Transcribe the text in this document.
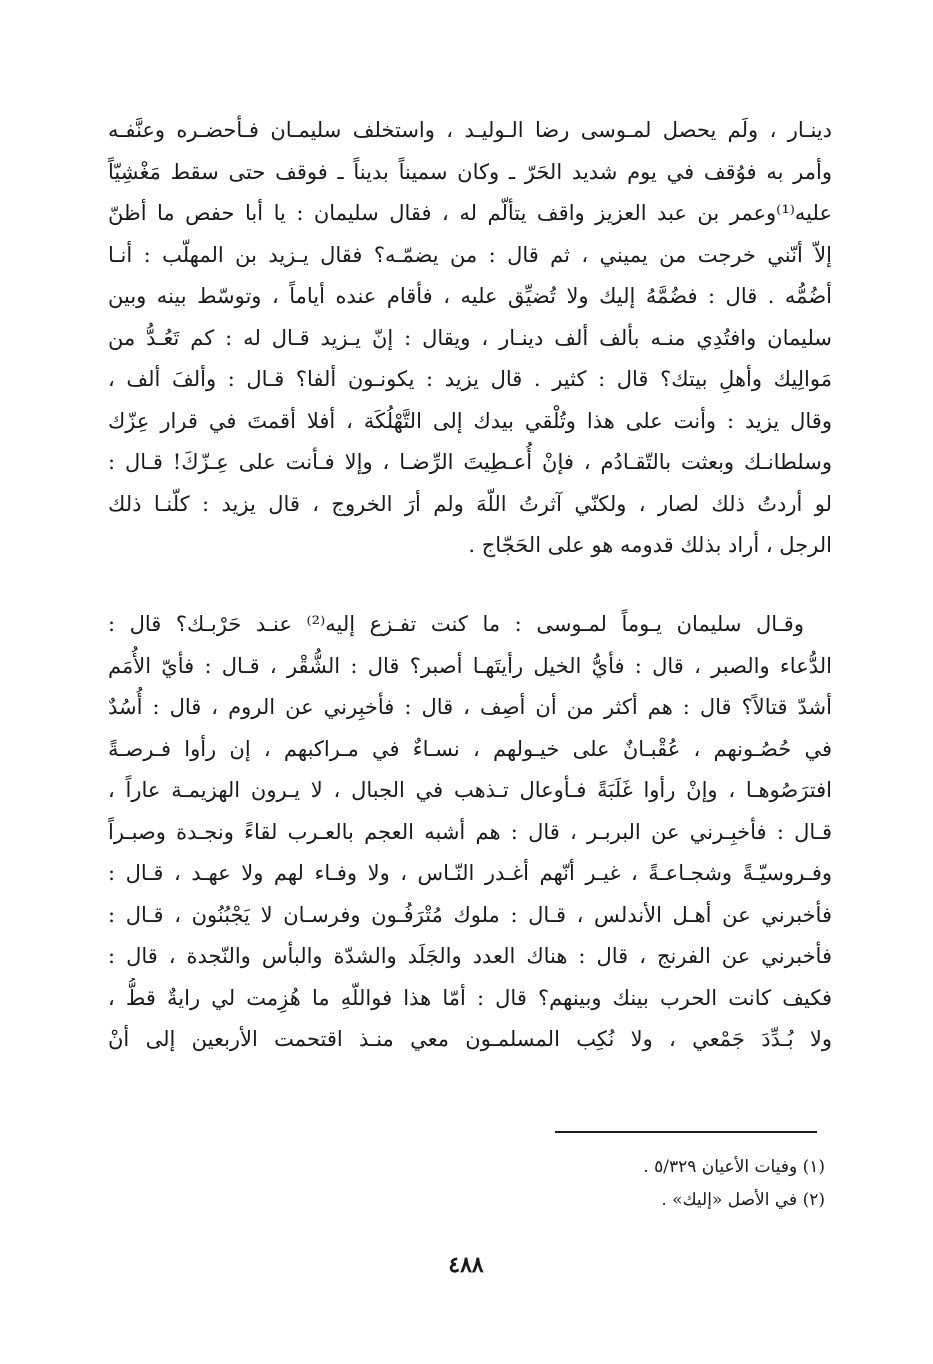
دينـار ، ولَم يحصل لمـوسى رضا الـوليـد ، واستخلف سليمـان فـأحضـره وعنَّفـه
وأمر به فوُقف في يوم شديد الحَرّ ـ وكان سميناً بديناً ـ فوقف حتى سقط مَغْشِيّاً
عليه⁽¹⁾وعمر بن عبد العزيز واقف يتألّم له ، فقال سليمان : يا أبا حفص ما أظنّ
إلاّ أنّني خرجت من يميني ، ثم قال : من يضمّـه؟ فقال يـزيد بن المهلّب : أنـا
أضُمُّه . قال : فضُمَّهُ إليك ولا تُضيِّق عليه ، فأقام عنده أياماً ، وتوسّط بينه وبين
سليمان وافتُدِي منـه بألف ألف دينـار ، ويقال : إنّ يـزيد قـال له : كم تَعُـدُّ من
مَوالِيك وأهلِ بيتك؟ قال : كثير . قال يزيد : يكونـون ألفا؟ قـال : وألفَ ألف ،
وقال يزيد : وأنت على هذا وتُلْقي بيدك إلى التَّهْلُكَة ، أفلا أقمتَ في قرار عِزّك
وسلطانـك وبعثت بالتّقـادُم ، فإنْ أُعـطِيتَ الرِّضـا ، وإلا فـأنت على عِـزّكَ! قـال :
لو أردتُ ذلك لصار ، ولكنّي آثرتُ اللّهَ ولم أرَ الخروج ، قال يزيد : كلّنـا ذلك
الرجل ، أراد بذلك قدومه هو على الحَجّاج .
وقـال سليمان يـوماً لمـوسى : ما كنت تفـزع إليه⁽²⁾ عنـد حَرْبـك؟ قال :
الدُّعاء والصبر ، قال : فأيُّ الخيل رأيتَهـا أصبر؟ قال : الشُّقْر ، قـال : فأيّ الأُمَم
أشدّ قتالاً؟ قال : هم أكثر من أن أصِف ، قال : فأخبِرني عن الروم ، قال : أُسُدٌ
في حُصُـونهم ، عُقْبـانٌ على خيـولهم ، نسـاءٌ في مـراكبهم ، إن رأوا فـرصـةً
افترَصُوهـا ، وإنْ رأوا غَلَبَةً فـأوعال تـذهب في الجبال ، لا يـرون الهزيمـة عاراً ،
قـال : فأخبِـرني عن البربـر ، قال : هم أشبه العجم بالعـرب لقاءً ونجـدة وصبـراً
وفـروسيّـةً وشجـاعـةً ، غيـر أنّهم أغـدر النّـاس ، ولا وفـاء لهم ولا عهـد ، قـال :
فأخبرني عن أهـل الأندلس ، قـال : ملوك مُتْرَفُـون وفرسـان لا يَجْبُنُون ، قـال :
فأخبرني عن الفرنج ، قال : هناك العدد والجَلَد والشدّة والبأس والنّجدة ، قال :
فكيف كانت الحرب بينك وبينهم؟ قال : أمّا هذا فواللّهِ ما هُزِمت لي رايةٌ قطُّ ،
ولا بُـدِّدَ جَمْعي ، ولا نُكِب المسلمـون معي منـذ اقتحمت الأربعين إلى أنْ
(١) وفيات الأعيان ٥/٣٢٩ .
(٢) في الأصل «إليك» .
٤٨٨
